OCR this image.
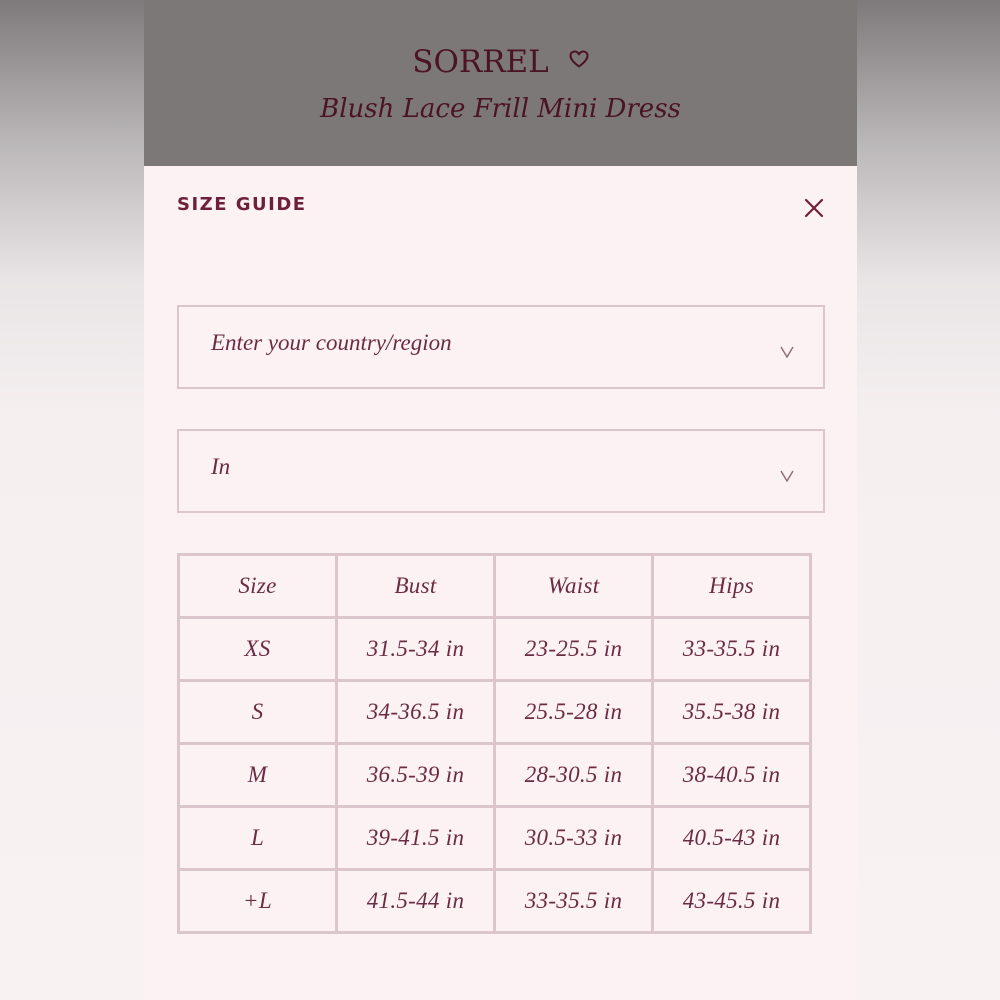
SORREL
Blush Lace Frill Mini Dress
SIZE GUIDE
Enter your country/region
In
Size	Bust	Waist	Hips
XS	31.5-34 in	23-25.5 in	33-35.5 in
S	34-36.5 in	25.5-28 in	35.5-38 in
M	36.5-39 in	28-30.5 in	38-40.5 in
L	39-41.5 in	30.5-33 in	40.5-43 in
+L	41.5-44 in	33-35.5 in	43-45.5 in
